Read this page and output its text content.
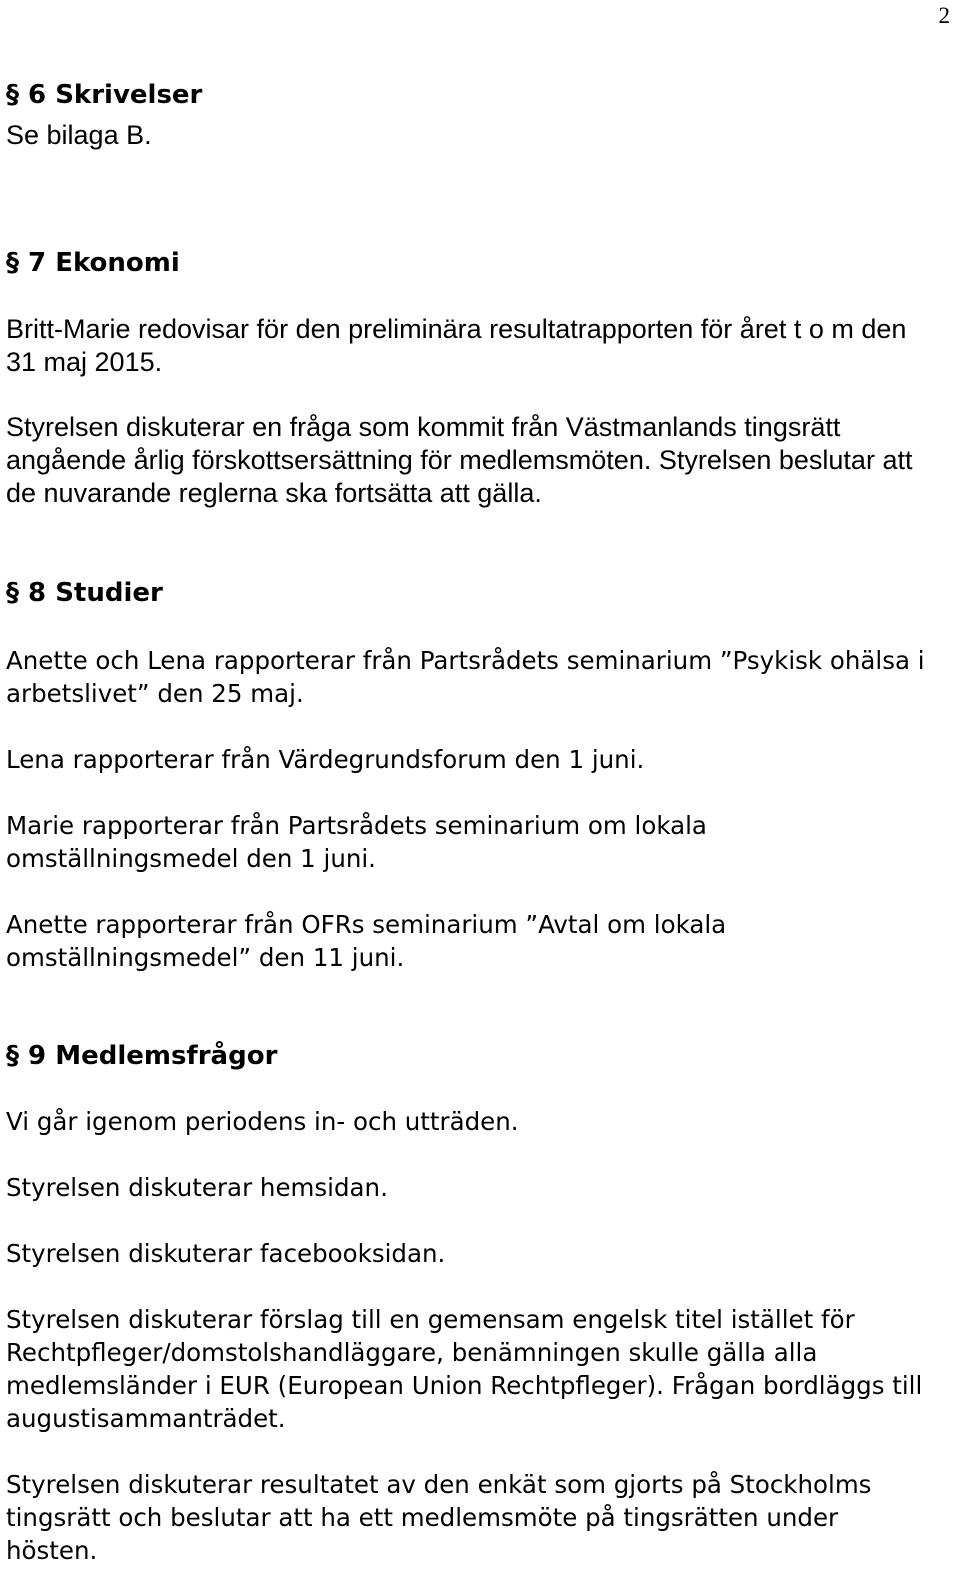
2
§ 6 Skrivelser

Se bilaga B.

§ 7 Ekonomi

Britt-Marie redovisar för den preliminära resultatrapporten för året t o m den 31 maj 2015.

Styrelsen diskuterar en fråga som kommit från Västmanlands tingsrätt angående årlig förskottsersättning för medlemsmöten. Styrelsen beslutar att de nuvarande reglerna ska fortsätta att gälla.

§ 8 Studier

Anette och Lena rapporterar från Partsrådets seminarium ”Psykisk ohälsa i arbetslivet” den 25 maj.

Lena rapporterar från Värdegrundsforum den 1 juni.

Marie rapporterar från Partsrådets seminarium om lokala omställningsmedel den 1 juni.

Anette rapporterar från OFRs seminarium ”Avtal om lokala omställningsmedel” den 11 juni.

§ 9 Medlemsfrågor

Vi går igenom periodens in- och utträden.

Styrelsen diskuterar hemsidan.

Styrelsen diskuterar facebooksidan.

Styrelsen diskuterar förslag till en gemensam engelsk titel istället för Rechtpfleger/domstolshandläggare, benämningen skulle gälla alla medlemsländer i EUR (European Union Rechtpfleger). Frågan bordläggs till augustisammanträdet.

Styrelsen diskuterar resultatet av den enkät som gjorts på Stockholms tingsrätt och beslutar att ha ett medlemsmöte på tingsrätten under hösten.
